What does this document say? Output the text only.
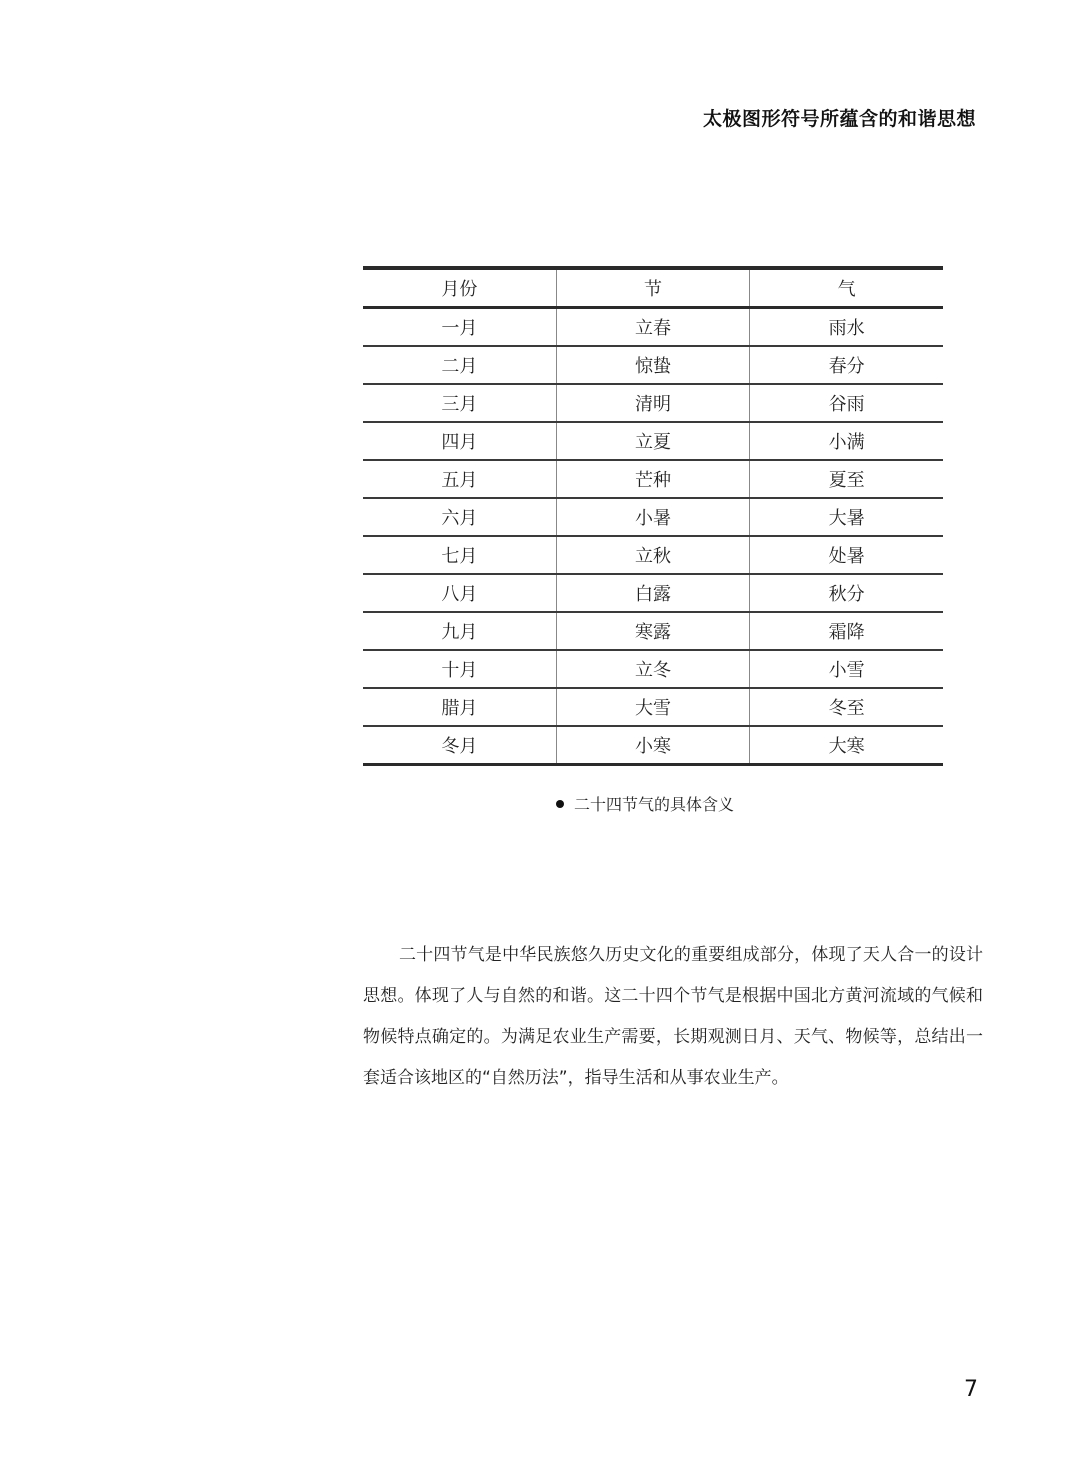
太极图形符号所蕴含的和谐思想
月份	节	气
一月	立春	雨水
二月	惊蛰	春分
三月	清明	谷雨
四月	立夏	小满
五月	芒种	夏至
六月	小暑	大暑
七月	立秋	处暑
八月	白露	秋分
九月	寒露	霜降
十月	立冬	小雪
腊月	大雪	冬至
冬月	小寒	大寒
二十四节气的具体含义

二十四节气是中华民族悠久历史文化的重要组成部分，体现了天人合一的设计思想。体现了人与自然的和谐。这二十四个节气是根据中国北方黄河流域的气候和物候特点确定的。为满足农业生产需要，长期观测日月、天气、物候等，总结出一套适合该地区的“自然历法”，指导生活和从事农业生产。

7
